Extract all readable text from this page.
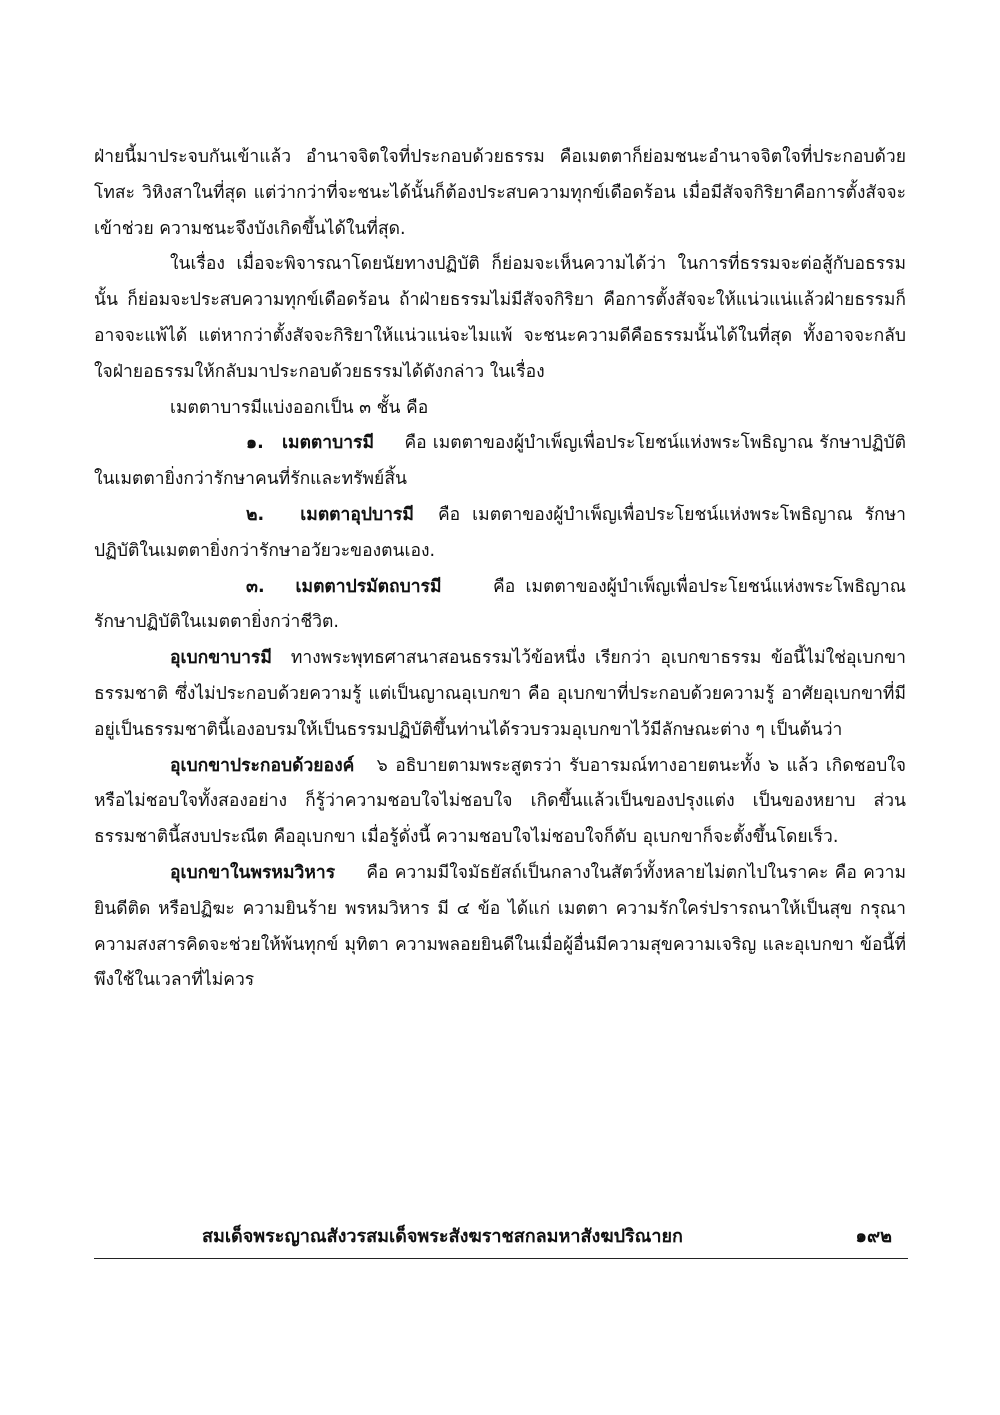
ฝ่ายนี้มาประจบกันเข้าแล้ว อำนาจจิตใจที่ประกอบด้วยธรรม คือเมตตาก็ย่อมชนะอำนาจจิตใจที่ประกอบด้วยโทสะ วิหิงสาในที่สุด แต่ว่ากว่าที่จะชนะได้นั้นก็ต้องประสบความทุกข์เดือดร้อน เมื่อมีสัจจกิริยาคือการตั้งสัจจะเข้าช่วย ความชนะจึงบังเกิดขึ้นได้ในที่สุด.

ในเรื่อง เมื่อจะพิจารณาโดยนัยทางปฏิบัติ ก็ย่อมจะเห็นความได้ว่า ในการที่ธรรมจะต่อสู้กับอธรรมนั้น ก็ย่อมจะประสบความทุกข์เดือดร้อน ถ้าฝ่ายธรรมไม่มีสัจจกิริยา คือการตั้งสัจจะให้แน่วแน่แล้วฝ่ายธรรมก็อาจจะแพ้ได้ แต่หากว่าตั้งสัจจะกิริยาให้แน่วแน่จะไมแพ้ จะชนะความดีคือธรรมนั้นได้ในที่สุด ทั้งอาจจะกลับใจฝ่ายอธรรมให้กลับมาประกอบด้วยธรรมได้ดังกล่าว ในเรื่อง

เมตตาบารมีแบ่งออกเป็น ๓ ชั้น คือ

๑. เมตตาบารมี คือ เมตตาของผู้บำเพ็ญเพื่อประโยชน์แห่งพระโพธิญาณ รักษาปฏิบัติในเมตตายิ่งกว่ารักษาคนที่รักและทรัพย์สิ้น

๒. เมตตาอุปบารมี คือ เมตตาของผู้บำเพ็ญเพื่อประโยชน์แห่งพระโพธิญาณ รักษาปฏิบัติในเมตตายิ่งกว่ารักษาอวัยวะของตนเอง.

๓. เมตตาปรมัตถบารมี	คือ เมตตาของผู้บำเพ็ญเพื่อประโยชน์แห่งพระโพธิญาณ รักษาปฏิบัติในเมตตายิ่งกว่าชีวิต.

อุเบกขาบารมี ทางพระพุทธศาสนาสอนธรรมไว้ข้อหนึ่ง เรียกว่า อุเบกขาธรรม ข้อนี้ไม่ใช่อุเบกขาธรรมชาติ ซึ่งไม่ประกอบด้วยความรู้ แต่เป็นญาณอุเบกขา คือ อุเบกขาที่ประกอบด้วยความรู้ อาศัยอุเบกขาที่มีอยู่เป็นธรรมชาตินี้เองอบรมให้เป็นธรรมปฏิบัติขึ้นท่านได้รวบรวมอุเบกขาไว้มีลักษณะต่าง ๆ เป็นต้นว่า

อุเบกขาประกอบด้วยองค์ ๖ อธิบายตามพระสูตรว่า รับอารมณ์ทางอายตนะทั้ง ๖ แล้ว เกิดชอบใจ หรือไม่ชอบใจทั้งสองอย่าง ก็รู้ว่าความชอบใจไม่ชอบใจ เกิดขึ้นแล้วเป็นของปรุงแต่ง เป็นของหยาบ ส่วนธรรมชาตินี้สงบประณีต คืออุเบกขา เมื่อรู้ดั่งนี้ ความชอบใจไม่ชอบใจก็ดับ อุเบกขาก็จะตั้งขึ้นโดยเร็ว.

อุเบกขาในพรหมวิหาร คือ ความมีใจมัธยัสถ์เป็นกลางในสัตว์ทั้งหลายไม่ตกไปในราคะ คือ ความยินดีติด หรือปฏิฆะ ความยินร้าย พรหมวิหาร มี ๔ ข้อ ได้แก่ เมตตา ความรักใคร่ปรารถนาให้เป็นสุข กรุณา ความสงสารคิดจะช่วยให้พ้นทุกข์ มุทิตา ความพลอยยินดีในเมื่อผู้อื่นมีความสุขความเจริญ และอุเบกขา ข้อนี้ที่พึงใช้ในเวลาที่ไม่ควร

สมเด็จพระญาณสังวรสมเด็จพระสังฆราชสกลมหาสังฆปริณายก	๑๙๒
